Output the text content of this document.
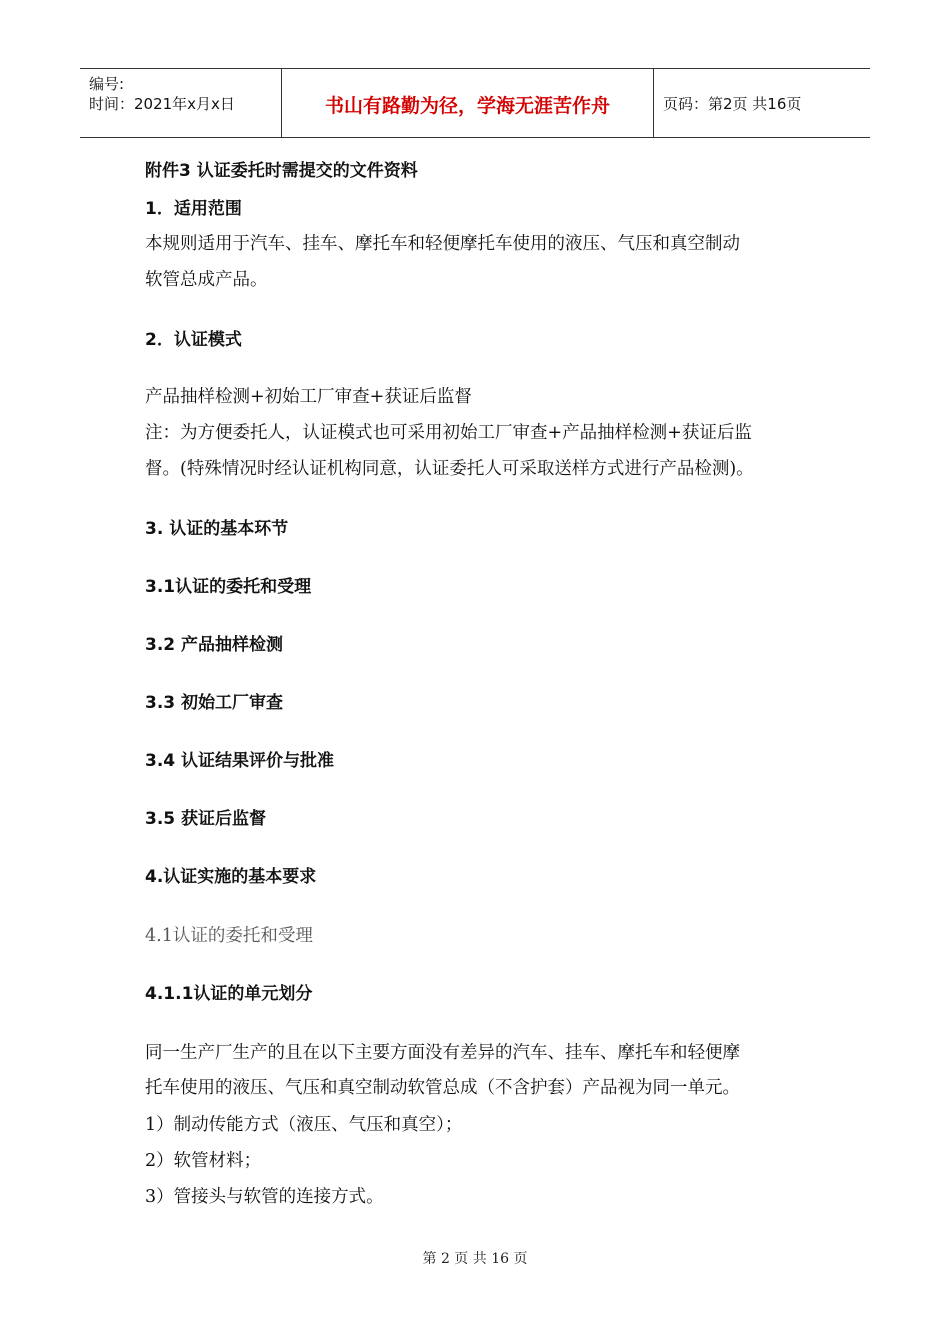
编号:
时间：2021年x月x日	书山有路勤为径，学海无涯苦作舟	页码：第2页 共16页
附件3 认证委托时需提交的文件资料
1．适用范围
本规则适用于汽车、挂车、摩托车和轻便摩托车使用的液压、气压和真空制动
软管总成产品。
2．认证模式
产品抽样检测+初始工厂审查+获证后监督
注：为方便委托人，认证模式也可采用初始工厂审查+产品抽样检测+获证后监
督。(特殊情况时经认证机构同意，认证委托人可采取送样方式进行产品检测)。
3. 认证的基本环节
3.1认证的委托和受理
3.2 产品抽样检测
3.3 初始工厂审查
3.4 认证结果评价与批准
3.5 获证后监督
4.认证实施的基本要求
4.1认证的委托和受理
4.1.1认证的单元划分
同一生产厂生产的且在以下主要方面没有差异的汽车、挂车、摩托车和轻便摩
托车使用的液压、气压和真空制动软管总成（不含护套）产品视为同一单元。
1）制动传能方式（液压、气压和真空）；
2）软管材料；
3）管接头与软管的连接方式。
第 2 页 共 16 页
